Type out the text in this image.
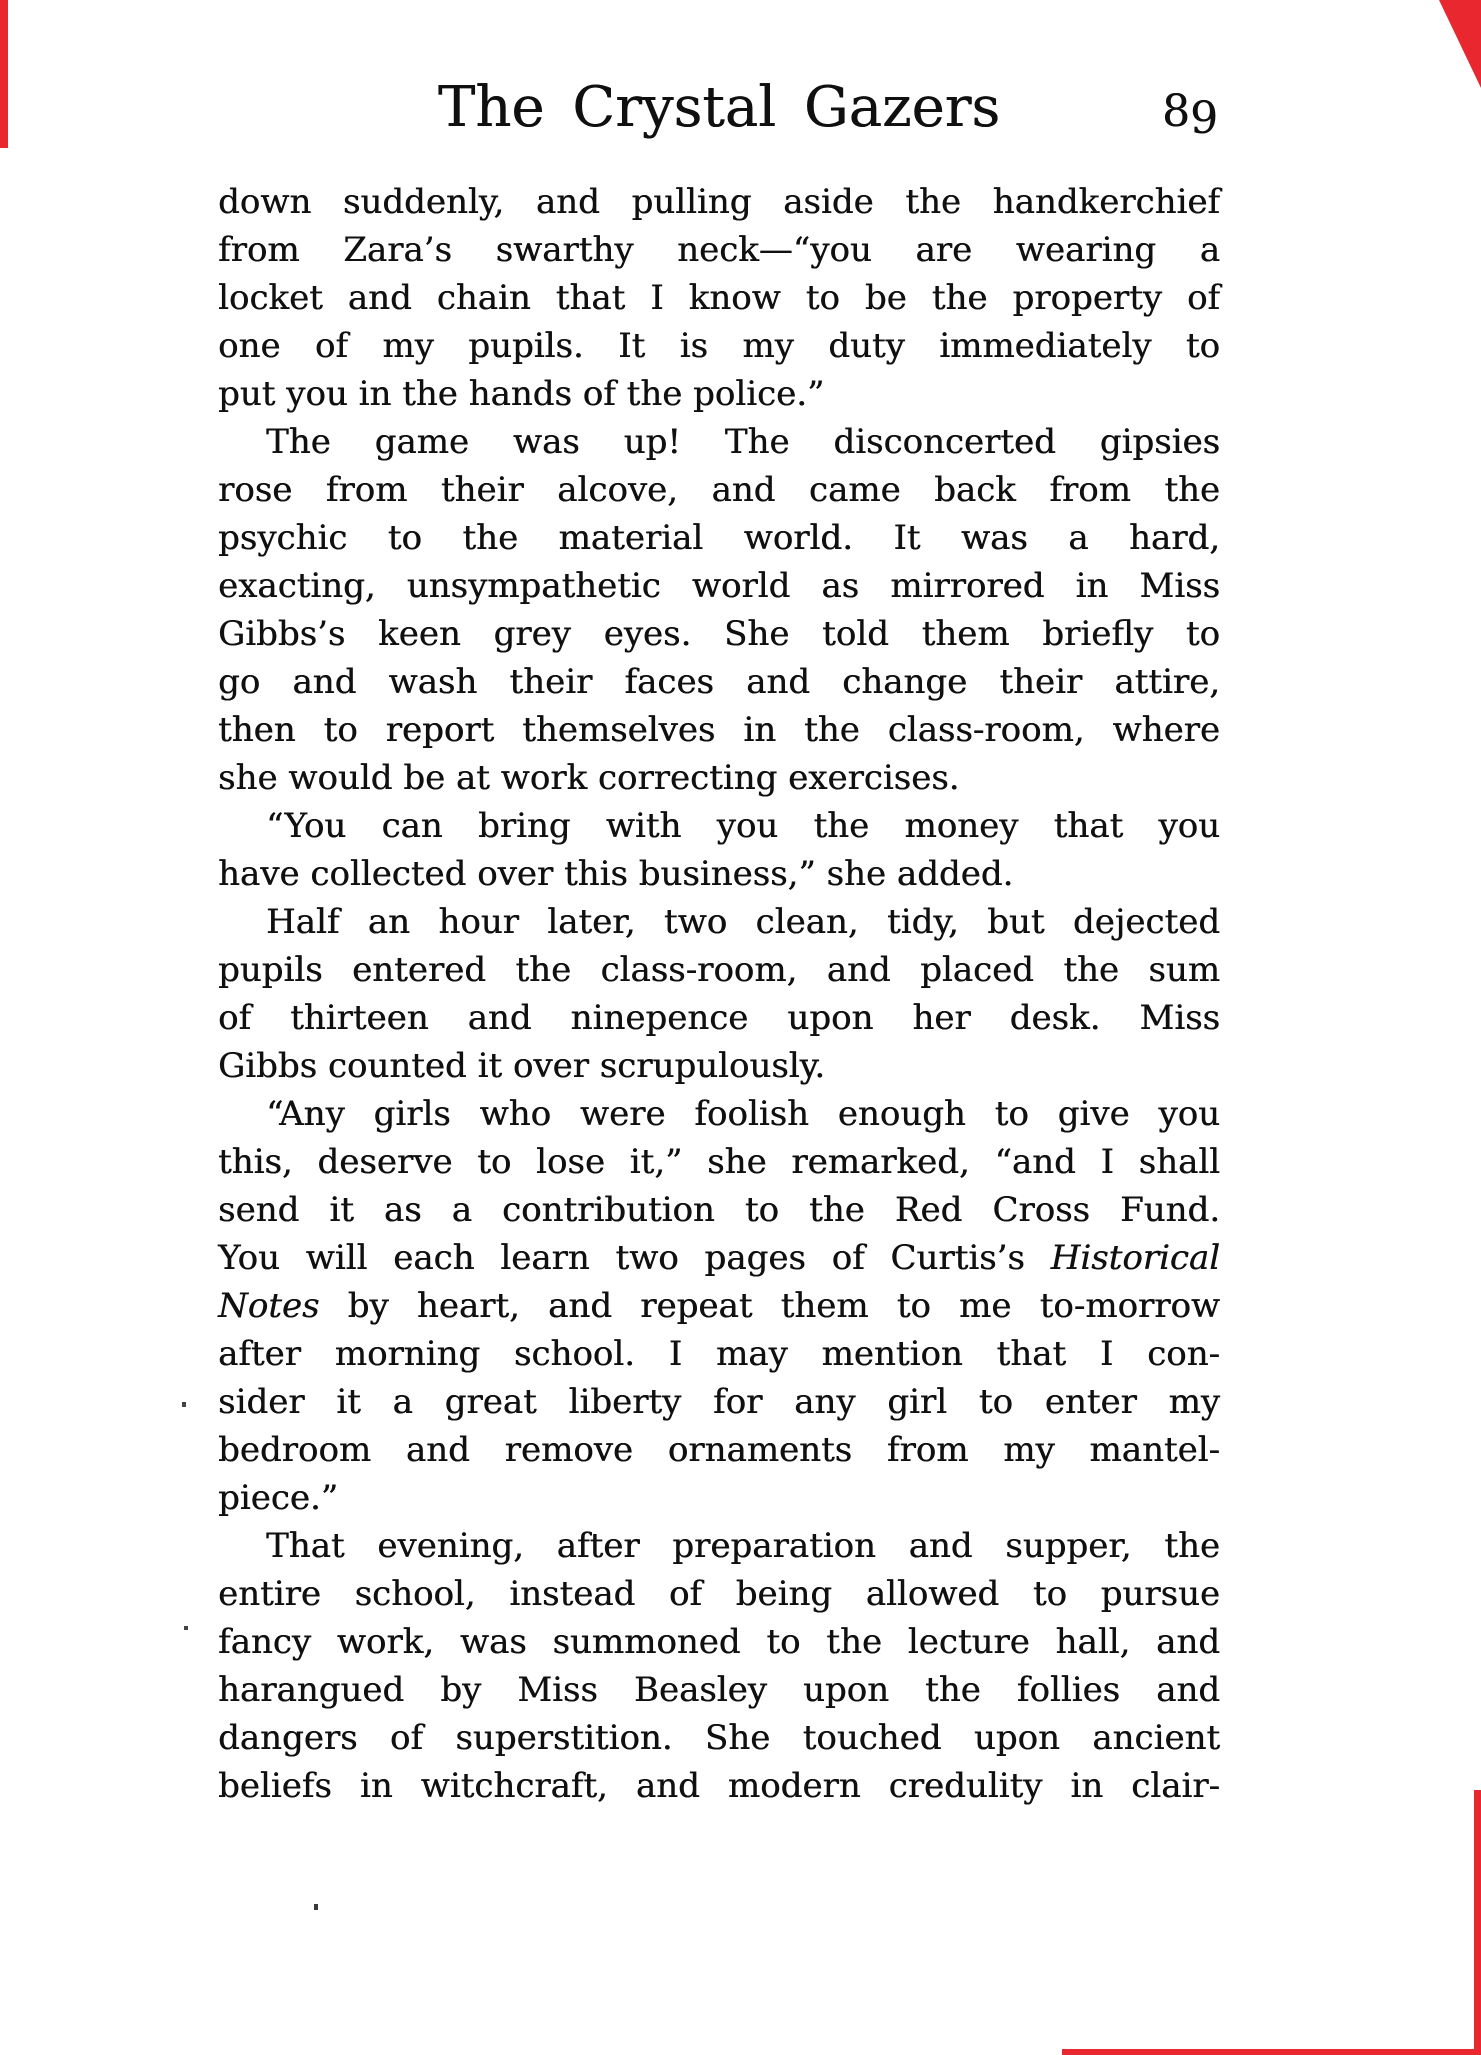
The Crystal Gazers	89
down suddenly, and pulling aside the handkerchief
from Zara’s swarthy neck—“you are wearing a
locket and chain that I know to be the property of
one of my pupils. It is my duty immediately to
put you in the hands of the police.”
The game was up! The disconcerted gipsies
rose from their alcove, and came back from the
psychic to the material world. It was a hard,
exacting, unsympathetic world as mirrored in Miss
Gibbs’s keen grey eyes. She told them briefly to
go and wash their faces and change their attire,
then to report themselves in the class-room, where
she would be at work correcting exercises.
“You can bring with you the money that you
have collected over this business,” she added.
Half an hour later, two clean, tidy, but dejected
pupils entered the class-room, and placed the sum
of thirteen and ninepence upon her desk. Miss
Gibbs counted it over scrupulously.
“Any girls who were foolish enough to give you
this, deserve to lose it,” she remarked, “and I shall
send it as a contribution to the Red Cross Fund.
You will each learn two pages of Curtis’s Historical
Notes by heart, and repeat them to me to-morrow
after morning school. I may mention that I con-
sider it a great liberty for any girl to enter my
bedroom and remove ornaments from my mantel-
piece.”
That evening, after preparation and supper, the
entire school, instead of being allowed to pursue
fancy work, was summoned to the lecture hall, and
harangued by Miss Beasley upon the follies and
dangers of superstition. She touched upon ancient
beliefs in witchcraft, and modern credulity in clair-
